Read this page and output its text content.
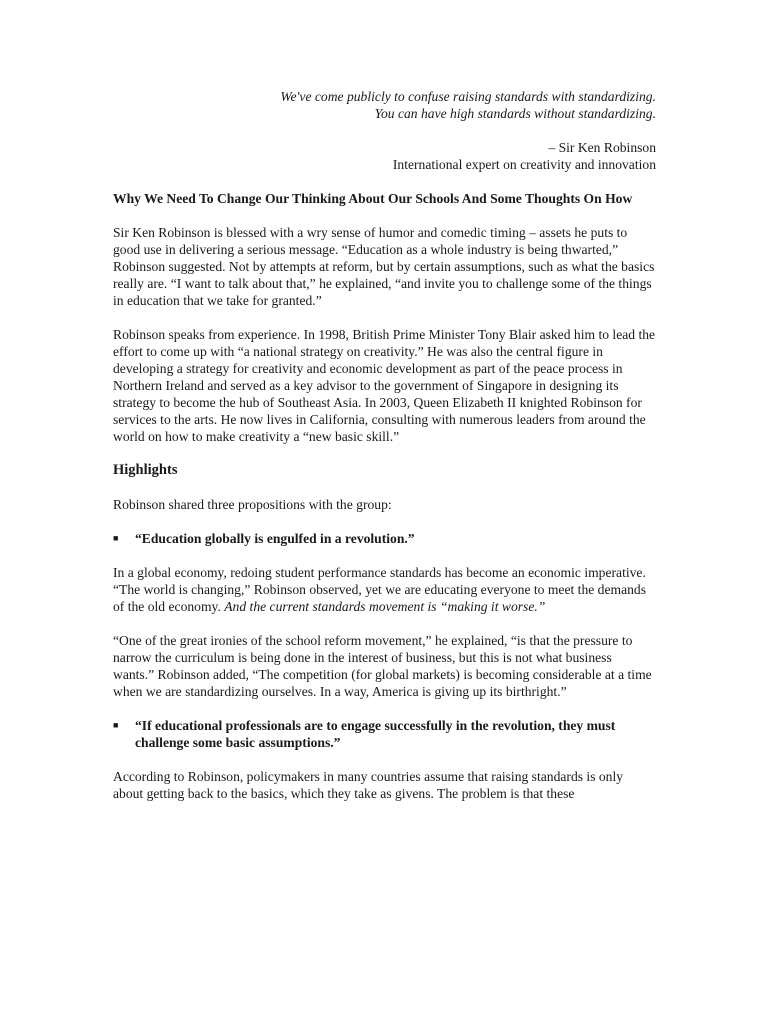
We've come publicly to confuse raising standards with standardizing.
You can have high standards without standardizing.
– Sir Ken Robinson
International expert on creativity and innovation
Why We Need To Change Our Thinking About Our Schools And Some Thoughts On How

Sir Ken Robinson is blessed with a wry sense of humor and comedic timing – assets he puts to good use in delivering a serious message. “Education as a whole industry is being thwarted,” Robinson suggested. Not by attempts at reform, but by certain assumptions, such as what the basics really are. “I want to talk about that,” he explained, “and invite you to challenge some of the things in education that we take for granted.”

Robinson speaks from experience. In 1998, British Prime Minister Tony Blair asked him to lead the effort to come up with “a national strategy on creativity.” He was also the central figure in developing a strategy for creativity and economic development as part of the peace process in Northern Ireland and served as a key advisor to the government of Singapore in designing its strategy to become the hub of Southeast Asia. In 2003, Queen Elizabeth II knighted Robinson for services to the arts. He now lives in California, consulting with numerous leaders from around the world on how to make creativity a “new basic skill.”

Highlights

Robinson shared three propositions with the group:

■ “Education globally is engulfed in a revolution.”

In a global economy, redoing student performance standards has become an economic imperative. “The world is changing,” Robinson observed, yet we are educating everyone to meet the demands of the old economy. And the current standards movement is “making it worse.”

“One of the great ironies of the school reform movement,” he explained, “is that the pressure to narrow the curriculum is being done in the interest of business, but this is not what business wants.” Robinson added, “The competition (for global markets) is becoming considerable at a time when we are standardizing ourselves. In a way, America is giving up its birthright.”

■ “If educational professionals are to engage successfully in the revolution, they must challenge some basic assumptions.”

According to Robinson, policymakers in many countries assume that raising standards is only about getting back to the basics, which they take as givens. The problem is that these
